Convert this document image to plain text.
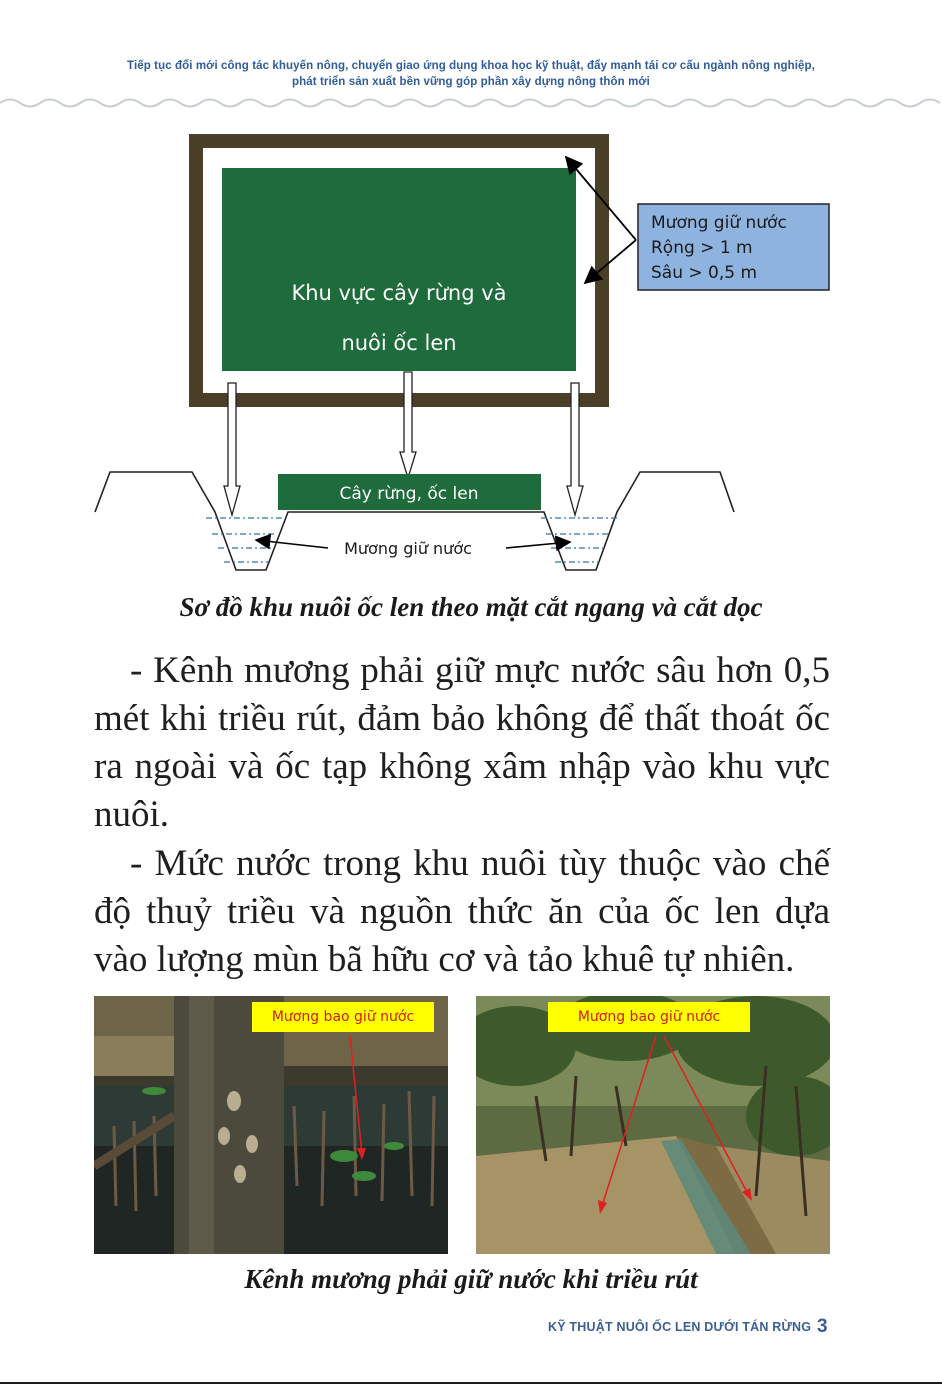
Tiếp tục đổi mới công tác khuyến nông, chuyển giao ứng dụng khoa học kỹ thuật, đẩy mạnh tái cơ cấu ngành nông nghiệp,
phát triển sản xuất bền vững góp phần xây dựng nông thôn mới
Khu vực cây rừng và
nuôi ốc len
Mương giữ nước
Rộng > 1 m
Sâu > 0,5 m
Cây rừng, ốc len
Mương giữ nước
Sơ đồ khu nuôi ốc len theo mặt cắt ngang và cắt dọc

- Kênh mương phải giữ mực nước sâu hơn 0,5 mét khi triều rút, đảm bảo không để thất thoát ốc ra ngoài và ốc tạp không xâm nhập vào khu vực nuôi.

- Mức nước trong khu nuôi tùy thuộc vào chế độ thuỷ triều và nguồn thức ăn của ốc len dựa vào lượng mùn bã hữu cơ và tảo khuê tự nhiên.

Mương bao giữ nước	Mương bao giữ nước
Kênh mương phải giữ nước khi triều rút
KỸ THUẬT NUÔI ỐC LEN DƯỚI TÁN RỪNG 3
